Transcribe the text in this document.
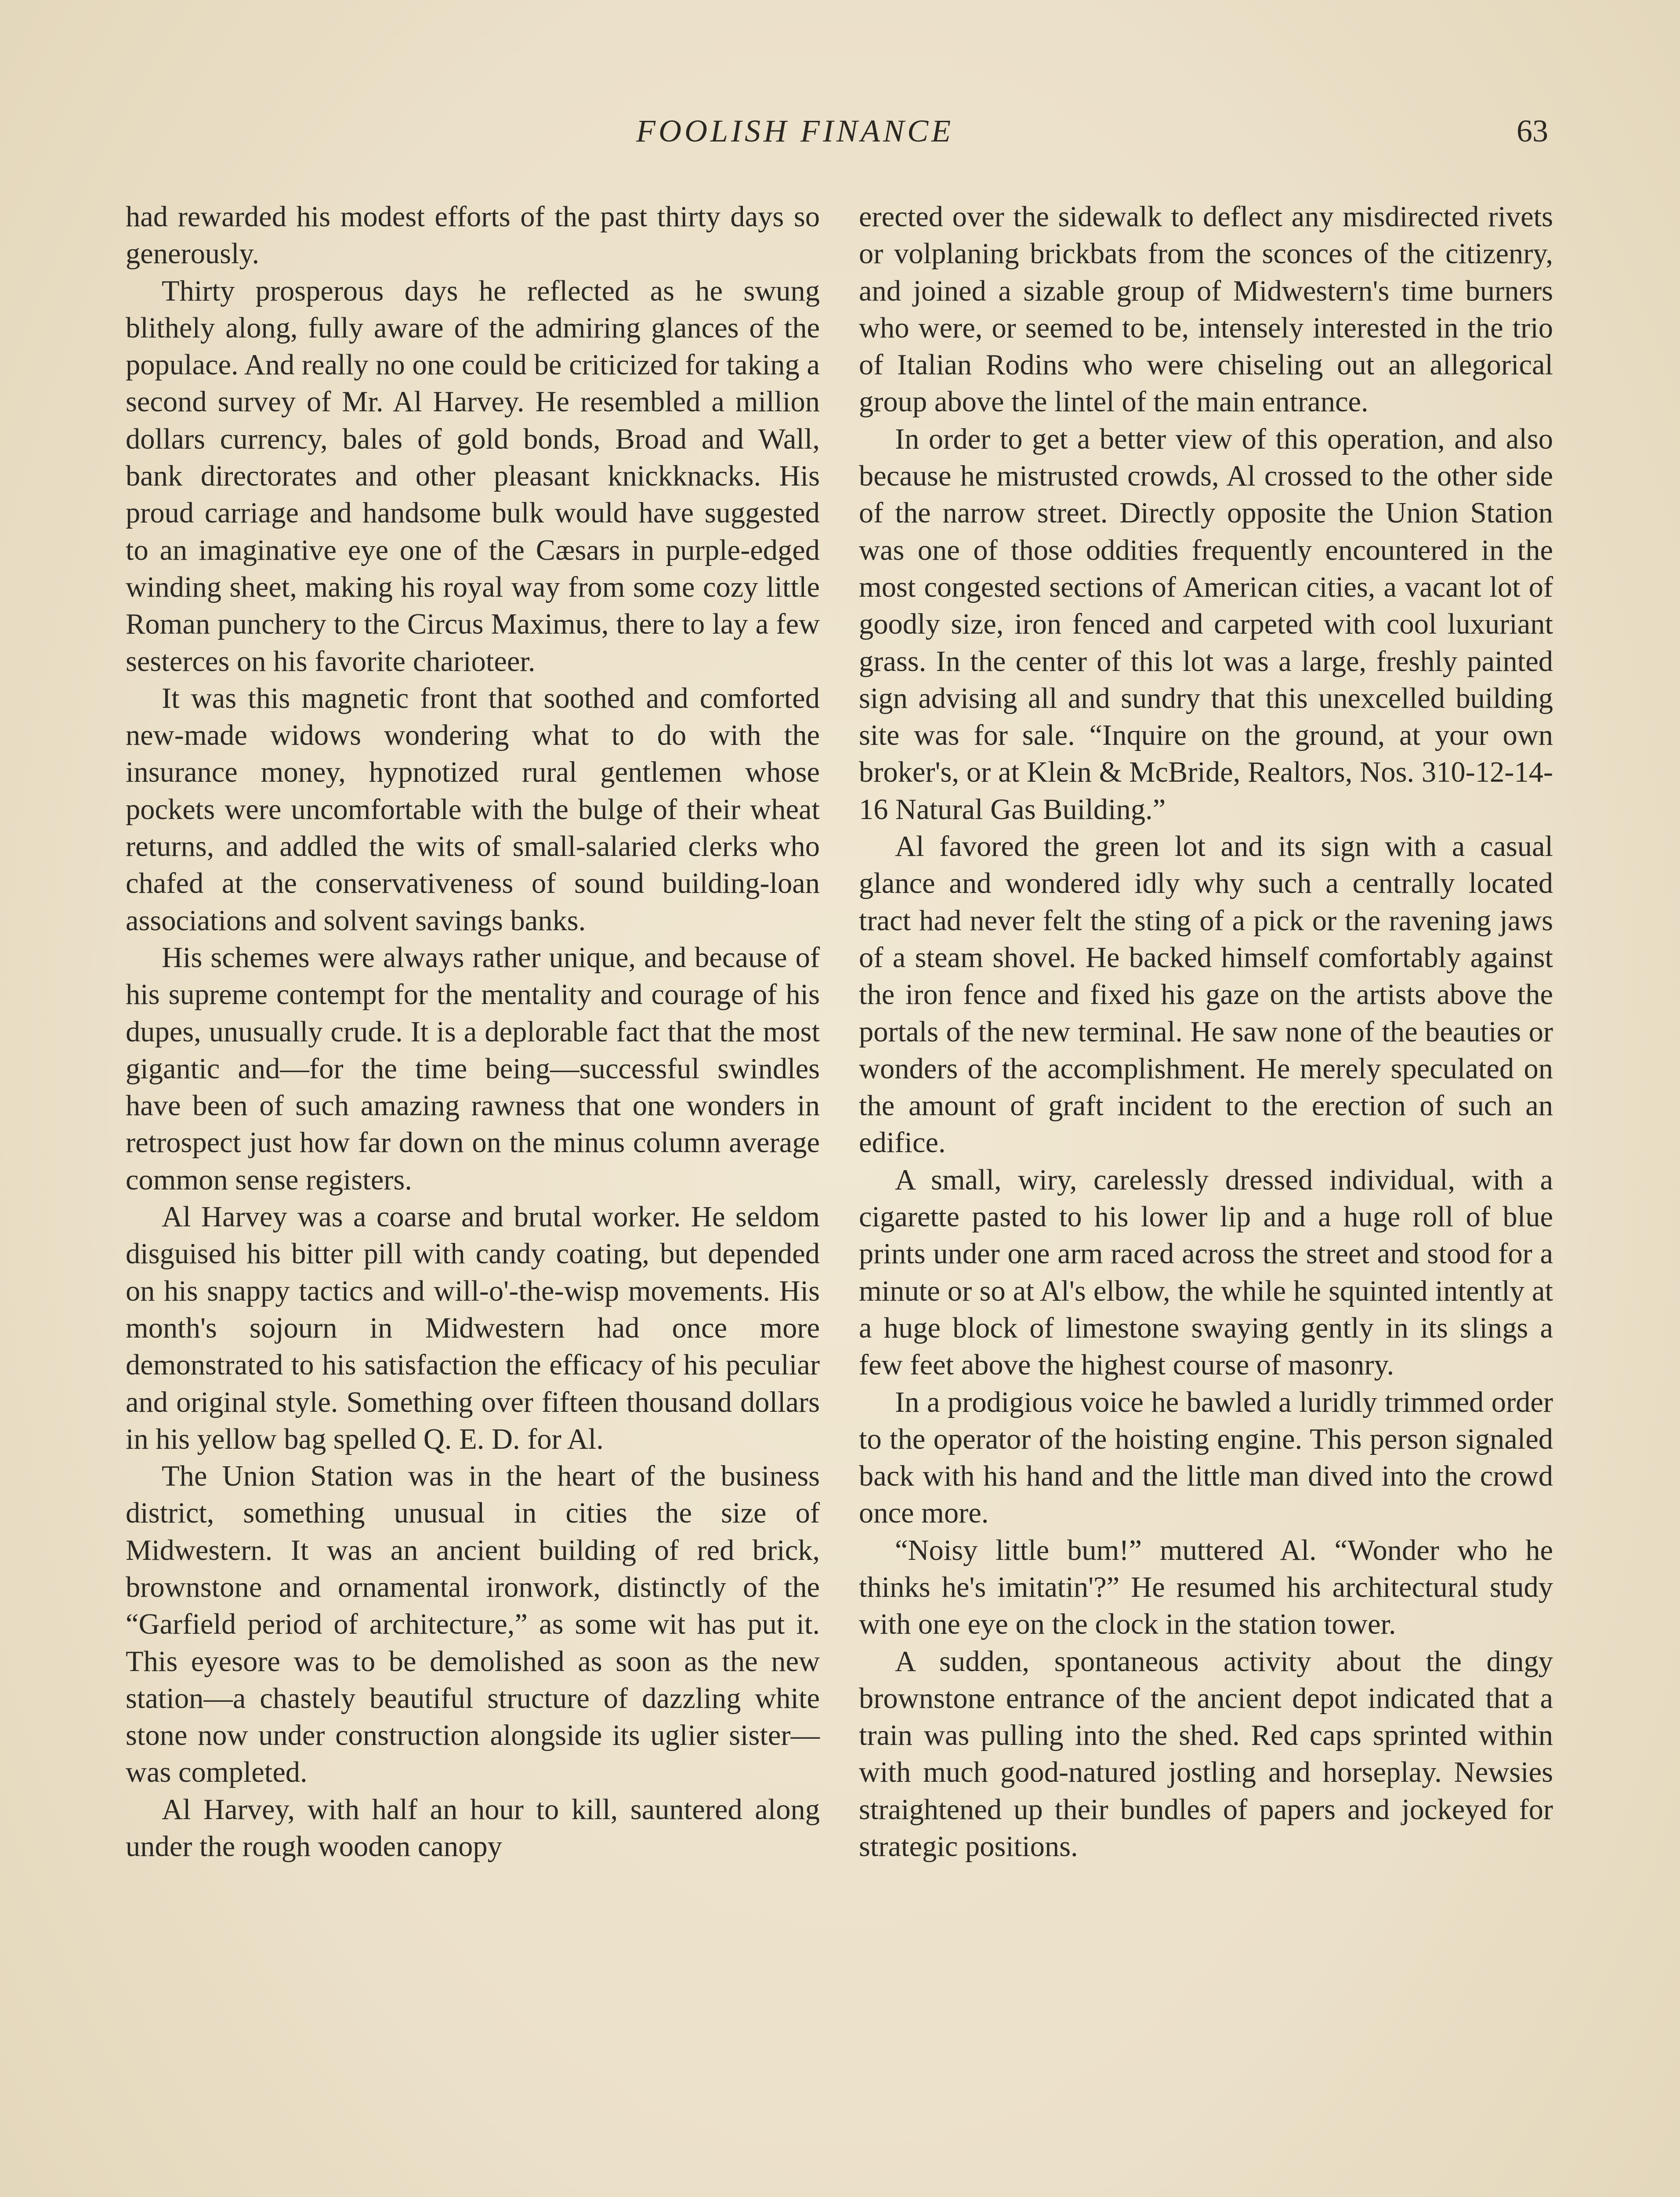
FOOLISH FINANCE	63

had rewarded his modest efforts of the past thirty days so generously.

Thirty prosperous days he reflected as he swung blithely along, fully aware of the admiring glances of the populace. And really no one could be criticized for taking a second survey of Mr. Al Harvey. He resembled a million dollars currency, bales of gold bonds, Broad and Wall, bank directorates and other pleasant knickknacks. His proud carriage and handsome bulk would have suggested to an imaginative eye one of the Cæsars in purple-edged winding sheet, making his royal way from some cozy little Roman punchery to the Circus Maximus, there to lay a few sesterces on his favorite charioteer.

It was this magnetic front that soothed and comforted new-made widows wondering what to do with the insurance money, hypnotized rural gentlemen whose pockets were uncomfortable with the bulge of their wheat returns, and addled the wits of small-salaried clerks who chafed at the conservativeness of sound building-loan associations and solvent savings banks.

His schemes were always rather unique, and because of his supreme contempt for the mentality and courage of his dupes, unusually crude. It is a deplorable fact that the most gigantic and—for the time being—successful swindles have been of such amazing rawness that one wonders in retrospect just how far down on the minus column average common sense registers.

Al Harvey was a coarse and brutal worker. He seldom disguised his bitter pill with candy coating, but depended on his snappy tactics and will-o'-the-wisp movements. His month's sojourn in Midwestern had once more demonstrated to his satisfaction the efficacy of his peculiar and original style. Something over fifteen thousand dollars in his yellow bag spelled Q. E. D. for Al.

The Union Station was in the heart of the business district, something unusual in cities the size of Midwestern. It was an ancient building of red brick, brownstone and ornamental ironwork, distinctly of the “Garfield period of architecture,” as some wit has put it. This eyesore was to be demolished as soon as the new station—a chastely beautiful structure of dazzling white stone now under construction alongside its uglier sister—was completed.

Al Harvey, with half an hour to kill, sauntered along under the rough wooden canopy

erected over the sidewalk to deflect any misdirected rivets or volplaning brickbats from the sconces of the citizenry, and joined a sizable group of Midwestern's time burners who were, or seemed to be, intensely interested in the trio of Italian Rodins who were chiseling out an allegorical group above the lintel of the main entrance.

In order to get a better view of this operation, and also because he mistrusted crowds, Al crossed to the other side of the narrow street. Directly opposite the Union Station was one of those oddities frequently encountered in the most congested sections of American cities, a vacant lot of goodly size, iron fenced and carpeted with cool luxuriant grass. In the center of this lot was a large, freshly painted sign advising all and sundry that this unexcelled building site was for sale. “Inquire on the ground, at your own broker's, or at Klein & McBride, Realtors, Nos. 310-12-14-16 Natural Gas Building.”

Al favored the green lot and its sign with a casual glance and wondered idly why such a centrally located tract had never felt the sting of a pick or the ravening jaws of a steam shovel. He backed himself comfortably against the iron fence and fixed his gaze on the artists above the portals of the new terminal. He saw none of the beauties or wonders of the accomplishment. He merely speculated on the amount of graft incident to the erection of such an edifice.

A small, wiry, carelessly dressed individual, with a cigarette pasted to his lower lip and a huge roll of blue prints under one arm raced across the street and stood for a minute or so at Al's elbow, the while he squinted intently at a huge block of limestone swaying gently in its slings a few feet above the highest course of masonry.

In a prodigious voice he bawled a luridly trimmed order to the operator of the hoisting engine. This person signaled back with his hand and the little man dived into the crowd once more.

“Noisy little bum!” muttered Al. “Wonder who he thinks he's imitatin'?” He resumed his architectural study with one eye on the clock in the station tower.

A sudden, spontaneous activity about the dingy brownstone entrance of the ancient depot indicated that a train was pulling into the shed. Red caps sprinted within with much good-natured jostling and horseplay. Newsies straightened up their bundles of papers and jockeyed for strategic positions.
